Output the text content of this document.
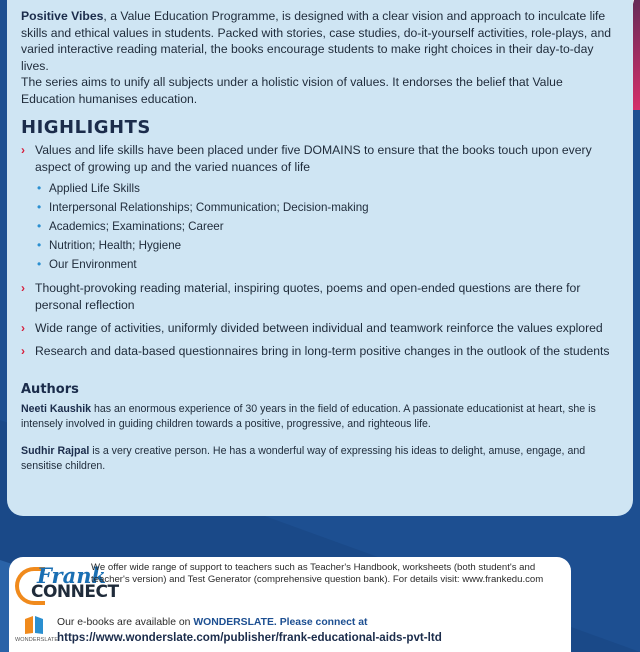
Positive Vibes, a Value Education Programme, is designed with a clear vision and approach to inculcate life skills and ethical values in students. Packed with stories, case studies, do-it-yourself activities, role-plays, and varied interactive reading material, the books encourage students to make right choices in their day-to-day lives.

The series aims to unify all subjects under a holistic vision of values. It endorses the belief that Value Education humanises education.

HIGHLIGHTS
› Values and life skills have been placed under five DOMAINS to ensure that the books touch upon every aspect of growing up and the varied nuances of life
• Applied Life Skills
• Interpersonal Relationships; Communication; Decision-making
• Academics; Examinations; Career
• Nutrition; Health; Hygiene
• Our Environment
› Thought-provoking reading material, inspiring quotes, poems and open-ended questions are there for personal reflection
› Wide range of activities, uniformly divided between individual and teamwork reinforce the values explored
› Research and data-based questionnaires bring in long-term positive changes in the outlook of the students
Authors

Neeti Kaushik has an enormous experience of 30 years in the field of education. A passionate educationist at heart, she is intensely involved in guiding children towards a positive, progressive, and righteous life.

Sudhir Rajpal is a very creative person. He has a wonderful way of expressing his ideas to delight, amuse, engage, and sensitise children.

Frank
CONNECT

We offer wide range of support to teachers such as Teacher's Handbook, worksheets (both student's and teacher's version) and Test Generator (comprehensive question bank). For details visit: www.frankedu.com

WONDERSLATE
Our e-books are available on WONDERSLATE. Please connect at
https://www.wonderslate.com/publisher/frank-educational-aids-pvt-ltd
